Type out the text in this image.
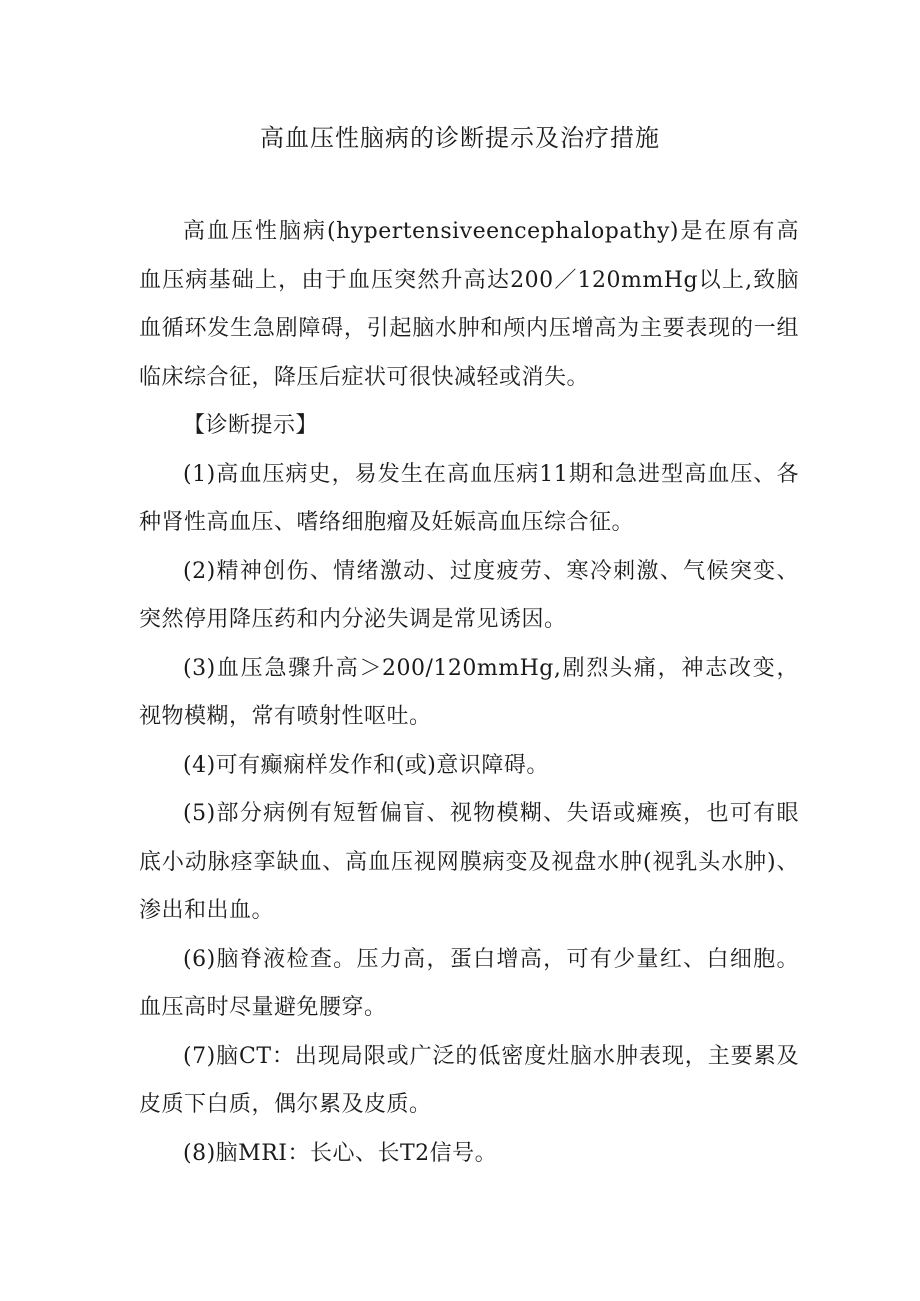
高血压性脑病的诊断提示及治疗措施

高血压性脑病(hypertensiveencephalopathy)是在原有高血压病基础上，由于血压突然升高达200／120mmHg以上,致脑血循环发生急剧障碍，引起脑水肿和颅内压增高为主要表现的一组临床综合征，降压后症状可很快减轻或消失。

【诊断提示】

(1)高血压病史，易发生在高血压病11期和急进型高血压、各种肾性高血压、嗜络细胞瘤及妊娠高血压综合征。

(2)精神创伤、情绪激动、过度疲劳、寒冷刺激、气候突变、突然停用降压药和内分泌失调是常见诱因。

(3)血压急骤升高＞200/120mmHg,剧烈头痛，神志改变，视物模糊，常有喷射性呕吐。

(4)可有癫痫样发作和(或)意识障碍。

(5)部分病例有短暂偏盲、视物模糊、失语或瘫痪，也可有眼底小动脉痉挛缺血、高血压视网膜病变及视盘水肿(视乳头水肿)、渗出和出血。

(6)脑脊液检查。压力高，蛋白增高，可有少量红、白细胞。血压高时尽量避免腰穿。

(7)脑CT：出现局限或广泛的低密度灶脑水肿表现，主要累及皮质下白质，偶尔累及皮质。

(8)脑MRI：长心、长T2信号。
